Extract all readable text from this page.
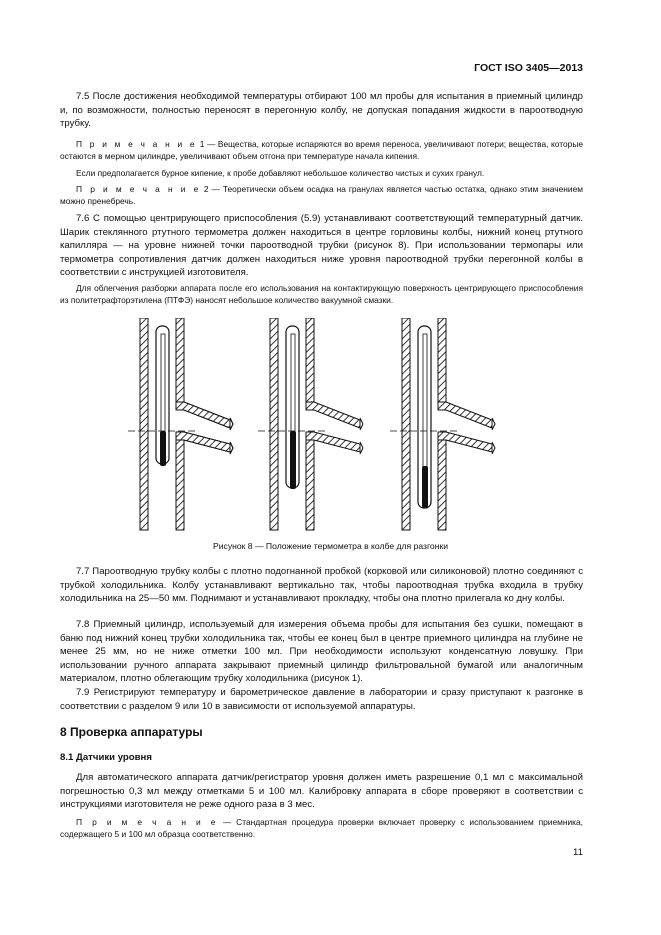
ГОСТ ISO 3405—2013
7.5 После достижения необходимой температуры отбирают 100 мл пробы для испытания в приемный цилиндр и, по возможности, полностью переносят в перегонную колбу, не допуская попадания жидкости в пароотводную трубку.
П р и м е ч а н и е 1 — Вещества, которые испаряются во время переноса, увеличивают потери; вещества, которые остаются в мерном цилиндре, увеличивают объем отгона при температуре начала кипения.
Если предполагается бурное кипение, к пробе добавляют небольшое количество чистых и сухих гранул.
П р и м е ч а н и е 2 — Теоретически объем осадка на гранулах является частью остатка, однако этим значением можно пренебречь.
7.6 С помощью центрирующего приспособления (5.9) устанавливают соответствующий температурный датчик. Шарик стеклянного ртутного термометра должен находиться в центре горловины колбы, нижний конец ртутного капилляра — на уровне нижней точки пароотводной трубки (рисунок 8). При использовании термопары или термометра сопротивления датчик должен находиться ниже уровня пароотводной трубки перегонной колбы в соответствии с инструкцией изготовителя.
Для облегчения разборки аппарата после его использования на контактирующую поверхность центрирующего приспособления из политетрафторэтилена (ПТФЭ) наносят небольшое количество вакуумной смазки.
Рисунок 8 — Положение термометра в колбе для разгонки
7.7 Пароотводную трубку колбы с плотно подогнанной пробкой (корковой или силиконовой) плотно соединяют с трубкой холодильника. Колбу устанавливают вертикально так, чтобы пароотводная трубка входила в трубку холодильника на 25—50 мм. Поднимают и устанавливают прокладку, чтобы она плотно прилегала ко дну колбы.
7.8 Приемный цилиндр, используемый для измерения объема пробы для испытания без сушки, помещают в баню под нижний конец трубки холодильника так, чтобы ее конец был в центре приемного цилиндра на глубине не менее 25 мм, но не ниже отметки 100 мл. При необходимости используют конденсатную ловушку. При использовании ручного аппарата закрывают приемный цилиндр фильтровальной бумагой или аналогичным материалом, плотно облегающим трубку холодильника (рисунок 1).
7.9 Регистрируют температуру и барометрическое давление в лаборатории и сразу приступают к разгонке в соответствии с разделом 9 или 10 в зависимости от используемой аппаратуры.
8 Проверка аппаратуры
8.1 Датчики уровня
Для автоматического аппарата датчик/регистратор уровня должен иметь разрешение 0,1 мл с максимальной погрешностью 0,3 мл между отметками 5 и 100 мл. Калибровку аппарата в сборе проверяют в соответствии с инструкциями изготовителя не реже одного раза в 3 мес.
П р и м е ч а н и е — Стандартная процедура проверки включает проверку с использованием приемника, содержащего 5 и 100 мл образца соответственно.
11
